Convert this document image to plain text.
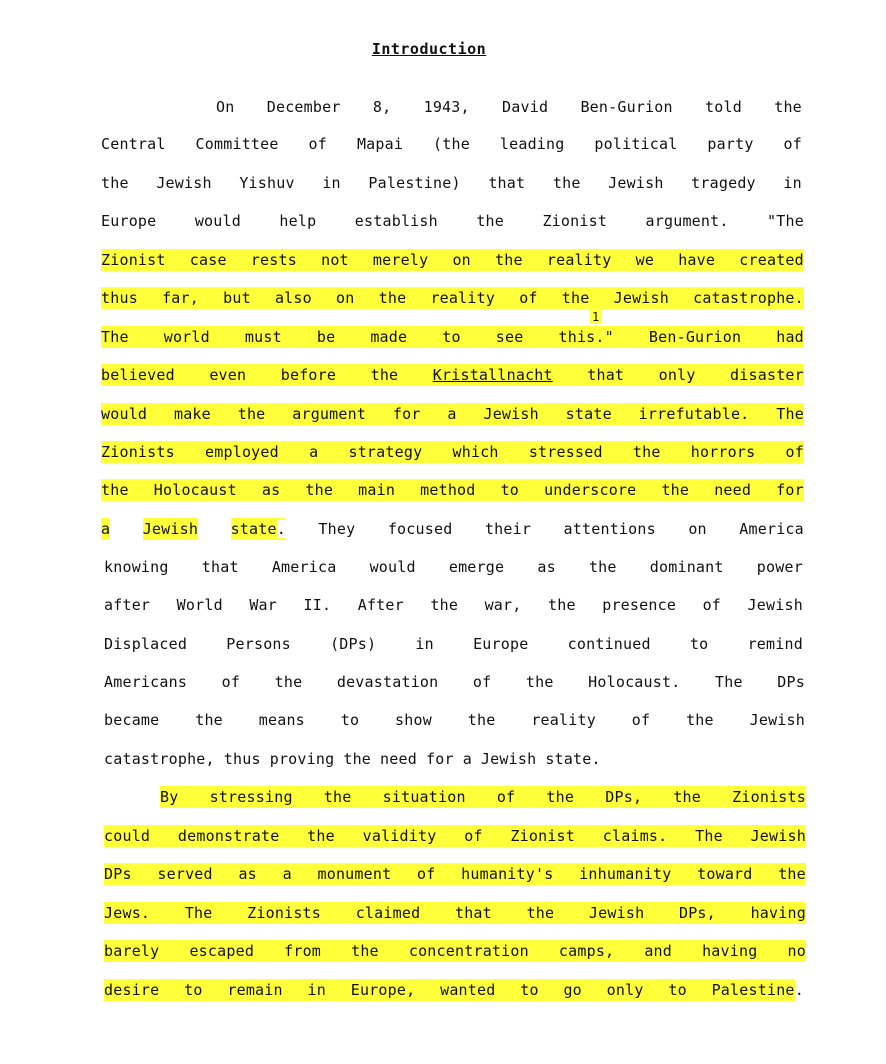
Introduction
On December 8, 1943, David Ben-Gurion told the
Central Committee of Mapai (the leading political party of
the Jewish Yishuv in Palestine) that the Jewish tragedy in
Europe	would	help	establish	the	Zionist	argument.	"The
Zionist case rests not merely on the reality we have created
thus far, but also on the reality of the Jewish catastrophe.
The world must be made to see this." Ben-Gurion had
believed even before the Kristallnacht that only disaster
would make the argument for a Jewish state irrefutable. The
Zionists employed a strategy which stressed the horrors of
the Holocaust as the main method to underscore the need for
a Jewish state. They focused their attentions on America
knowing that America would emerge as the dominant power
after World War II. After the war, the presence of Jewish
Displaced	Persons	(DPs)	in	Europe	continued	to	remind
Americans of the devastation of the Holocaust. The DPs
became the means to show the reality of the Jewish
catastrophe, thus proving the need for a Jewish state.
By stressing the situation of the DPs, the Zionists
could demonstrate the validity of Zionist claims. The Jewish
DPs served as a monument of humanity's inhumanity toward the
Jews. The Zionists claimed that the Jewish DPs, having
barely escaped from the concentration camps, and having no
desire to remain in Europe, wanted to go only to Palestine .
1
